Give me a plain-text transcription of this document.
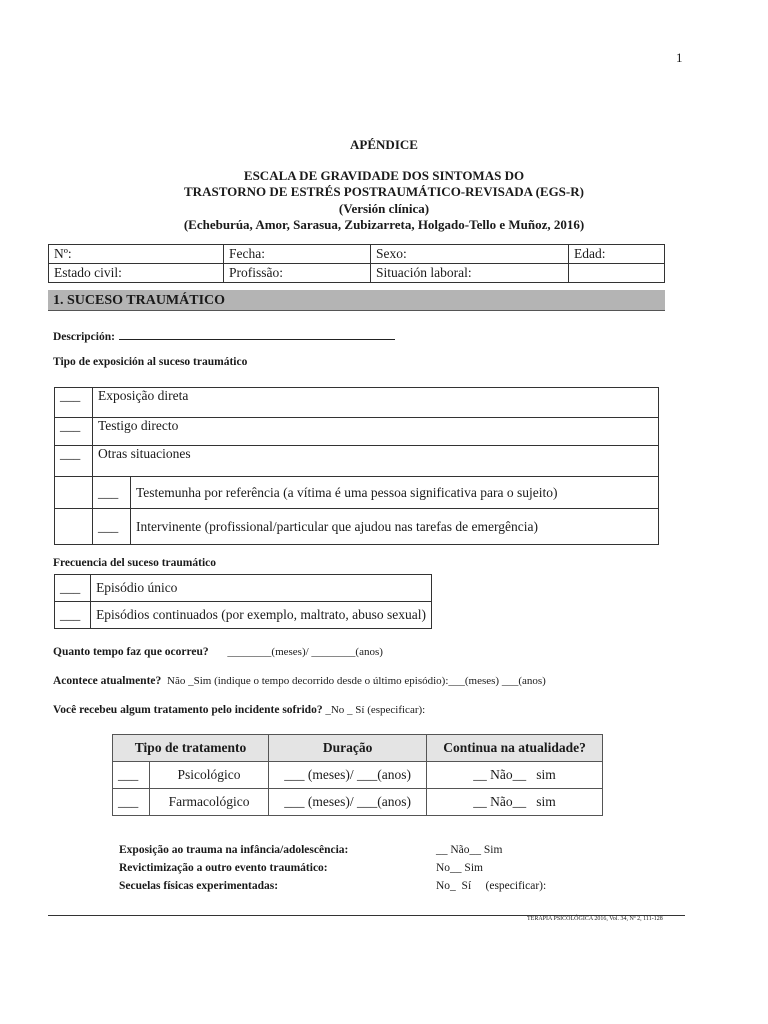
1
APÉNDICE
ESCALA DE GRAVIDADE DOS SINTOMAS DO
TRASTORNO DE ESTRÉS POSTRAUMÁTICO-REVISADA (EGS-R)
(Versión clínica)
(Echeburúa, Amor, Sarasua, Zubizarreta, Holgado-Tello e Muñoz, 2016)
Nº:	Fecha:	Sexo:	Edad:
Estado civil:	Profissão:	Situación laboral:	
1. SUCESO TRAUMÁTICO
Descripción:
Tipo de exposición al suceso traumático
___	Exposição direta	
___	Testigo directo	
___	Otras situaciones	
	___	Testemunha por referência (a vítima é uma pessoa significativa para o sujeito)
	___	Intervinente (profissional/particular que ajudou nas tarefas de emergência)
Frecuencia del suceso traumático
___	Episódio único
___	Episódios continuados (por exemplo, maltrato, abuso sexual)
Quanto tempo faz que ocorreu? ________(meses)/ ________(anos)
Acontece atualmente? Não _Sim (indique o tempo decorrido desde o último episódio):___(meses) ___(anos)
Você recebeu algum tratamento pelo incidente sofrido? _No _ Sí (especificar):
Tipo de tratamento		Duração	Continua na atualidade?
___	Psicológico	___ (meses)/ ___(anos)	__ Não__   sim
___	Farmacológico	___ (meses)/ ___(anos)	__ Não__   sim
Exposição ao trauma na infância/adolescência:	__ Não__ Sim
Revictimização a outro evento traumático:	No__ Sim
Secuelas físicas experimentadas:	No_  Sí     (especificar):
TERAPIA PSICOLÓGICA 2016, Vol. 34, Nº 2, 111-128
